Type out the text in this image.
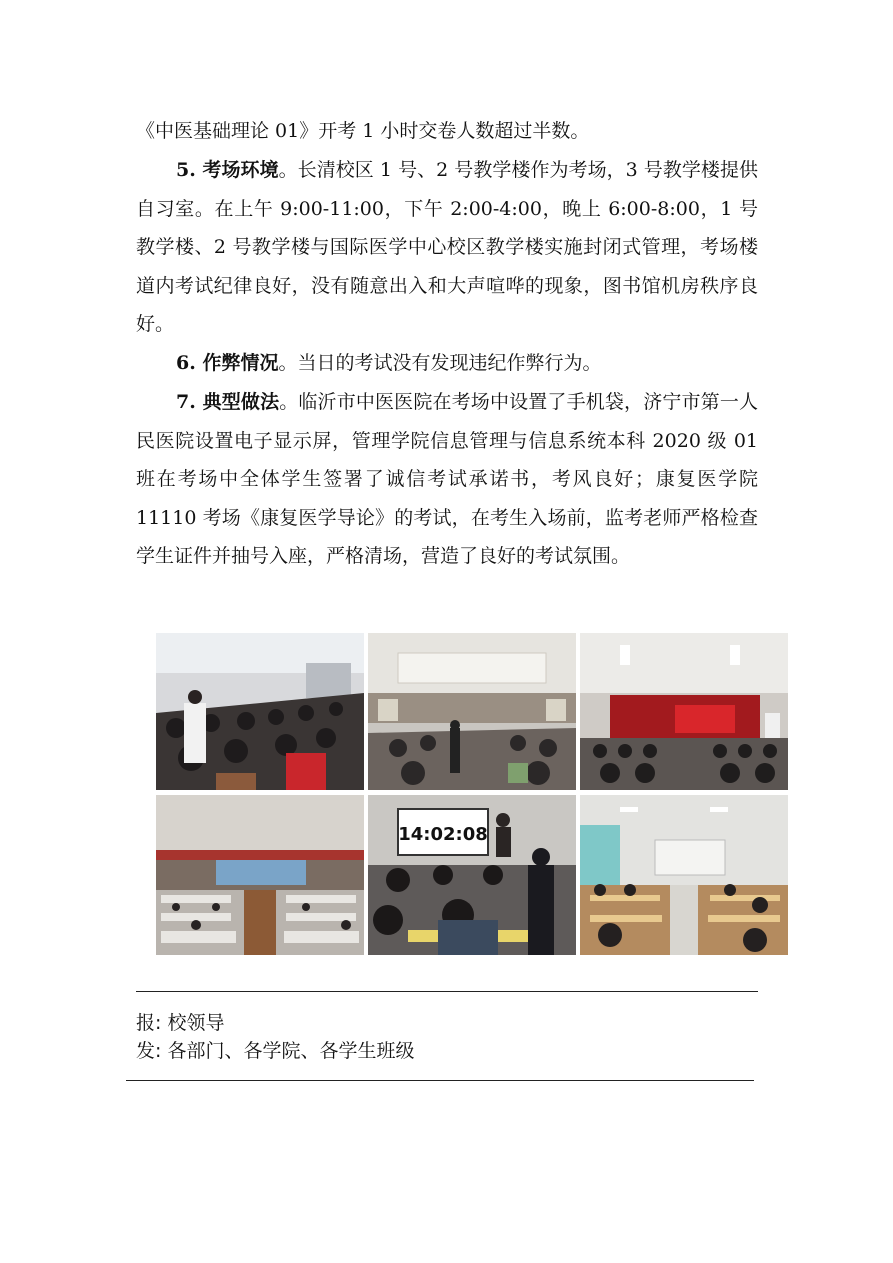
《中医基础理论 01》开考 1 小时交卷人数超过半数。
5. 考场环境。长清校区 1 号、2 号教学楼作为考场，3 号教学楼提供自习室。在上午 9:00-11:00，下午 2:00-4:00，晚上 6:00-8:00，1 号教学楼、2 号教学楼与国际医学中心校区教学楼实施封闭式管理，考场楼道内考试纪律良好，没有随意出入和大声喧哗的现象，图书馆机房秩序良好。
6. 作弊情况。当日的考试没有发现违纪作弊行为。
7. 典型做法。临沂市中医医院在考场中设置了手机袋，济宁市第一人民医院设置电子显示屏，管理学院信息管理与信息系统本科 2020 级 01 班在考场中全体学生签署了诚信考试承诺书，考风良好；康复医学院 11110 考场《康复医学导论》的考试，在考生入场前，监考老师严格检查学生证件并抽号入座，严格清场，营造了良好的考试氛围。
14:02:08
报: 校领导
发: 各部门、各学院、各学生班级
